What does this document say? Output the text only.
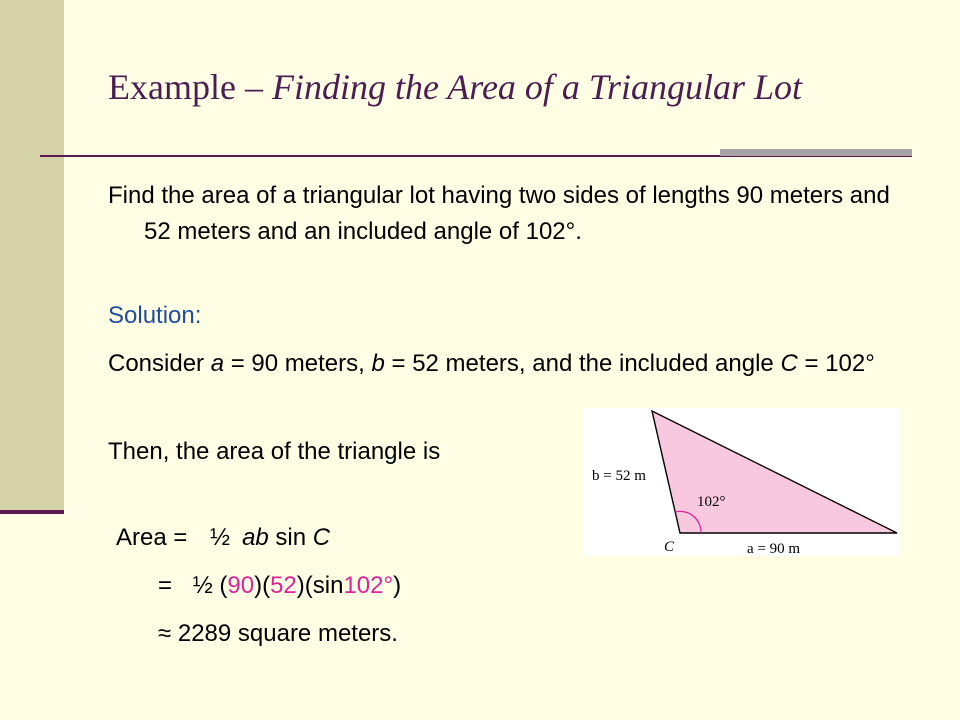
Example – Finding the Area of a Triangular Lot
Find the area of a triangular lot having two sides of lengths 90 meters and 52 meters and an included angle of 102°.
Solution:
Consider a = 90 meters, b = 52 meters, and the included angle C = 102°
Then, the area of the triangle is
b = 52 m
102°
C	a = 90 m
Area = ½ ab sin C
= ½ (90)(52)(sin102°)
≈ 2289 square meters.
